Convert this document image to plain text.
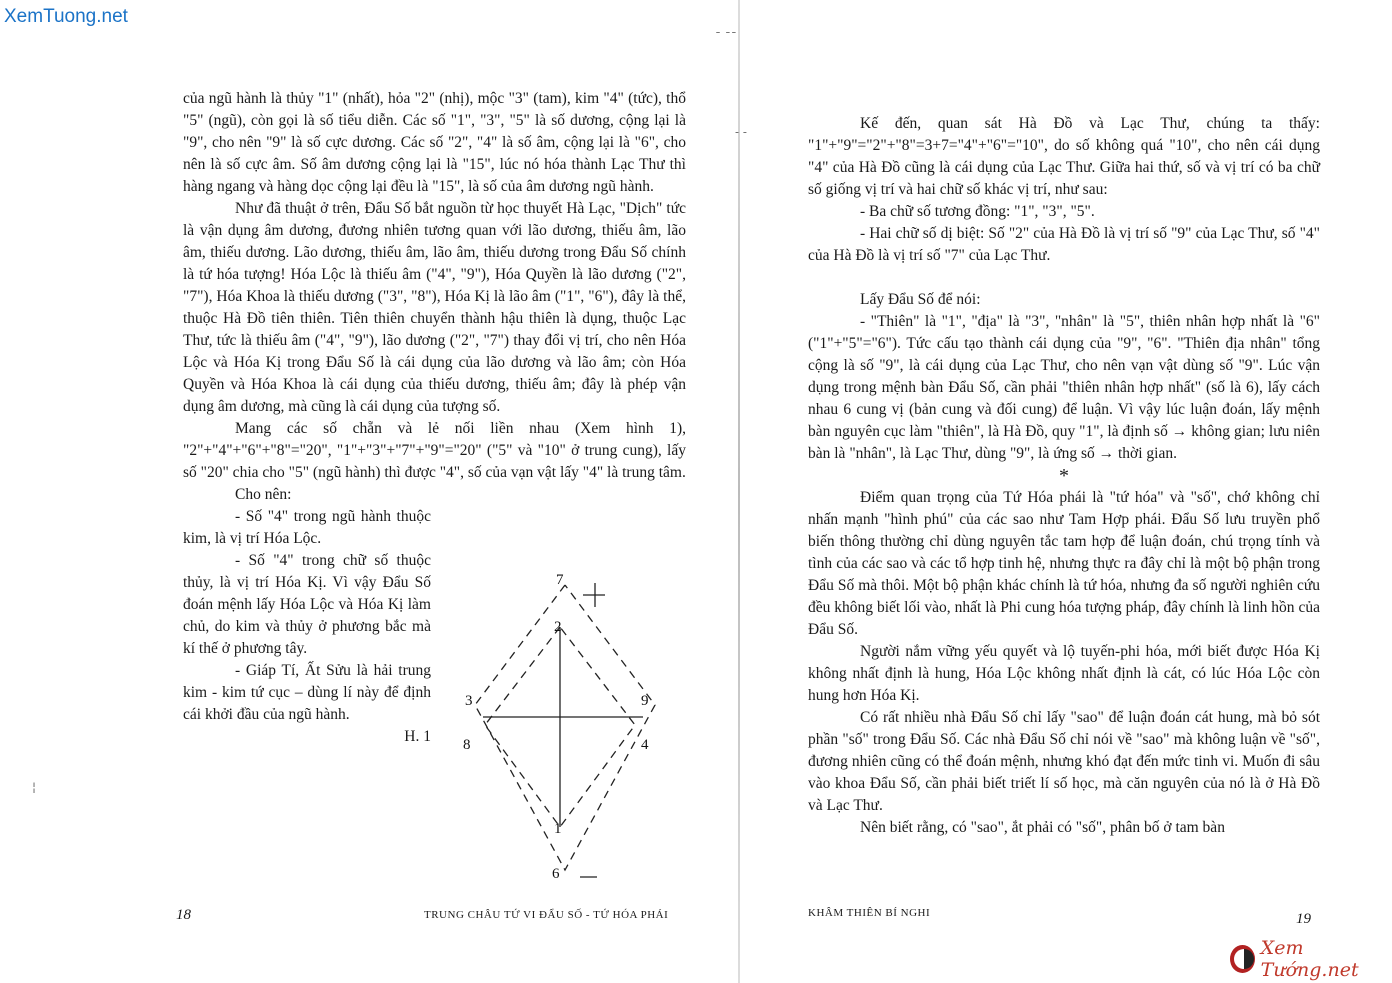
XemTuong.net
ˉ ˉˉ
- -
¦

của ngũ hành là thủy "1" (nhất), hỏa "2" (nhị), mộc "3" (tam), kim "4" (tức), thổ "5" (ngũ), còn gọi là số tiểu diễn. Các số "1", "3", "5" là số dương, cộng lại là "9", cho nên "9" là số cực dương. Các số "2", "4" là số âm, cộng lại là "6", cho nên là số cực âm. Số âm dương cộng lại là "15", lúc nó hóa thành Lạc Thư thì hàng ngang và hàng dọc cộng lại đều là "15", là số của âm dương ngũ hành.

Như đã thuật ở trên, Đẩu Số bắt nguồn từ học thuyết Hà Lạc, "Dịch" tức là vận dụng âm dương, đương nhiên tương quan với lão dương, thiếu âm, lão âm, thiếu dương. Lão dương, thiếu âm, lão âm, thiếu dương trong Đẩu Số chính là tứ hóa tượng! Hóa Lộc là thiếu âm ("4", "9"), Hóa Quyền là lão dương ("2", "7"), Hóa Khoa là thiếu dương ("3", "8"), Hóa Kị là lão âm ("1", "6"), đây là thể, thuộc Hà Đồ tiên thiên. Tiên thiên chuyển thành hậu thiên là dụng, thuộc Lạc Thư, tức là thiếu âm ("4", "9"), lão dương ("2", "7") thay đổi vị trí, cho nên Hóa Lộc và Hóa Kị trong Đẩu Số là cái dụng của lão dương và lão âm; còn Hóa Quyền và Hóa Khoa là cái dụng của thiếu dương, thiếu âm; đây là phép vận dụng âm dương, mà cũng là cái dụng của tượng số.

Mang các số chẵn và lẻ nối liền nhau (Xem hình 1), "2"+"4"+"6"+"8"="20", "1"+"3"+"7"+"9"="20" ("5" và "10" ở trung cung), lấy số "20" chia cho "5" (ngũ hành) thì được "4", số của vạn vật lấy "4" là trung tâm.

Cho nên:

- Số "4" trong ngũ hành thuộc kim, là vị trí Hóa Lộc.

- Số "4" trong chữ số thuộc thủy, là vị trí Hóa Kị. Vì vậy Đẩu Số đoán mệnh lấy Hóa Lộc và Hóa Kị làm chủ, do kim và thủy ở phương bắc mà kí thế ở phương tây.

- Giáp Tí, Ất Sửu là hải trung kim - kim tứ cục – dùng lí này để định cái khởi đầu của ngũ hành.

H. 1

7
2
3
8
9
4
1
6
18	TRUNG CHÂU TỨ VI ĐẨU SỐ - TỨ HÓA PHÁI

Kế đến, quan sát Hà Đồ và Lạc Thư, chúng ta thấy: "1"+"9"="2"+"8"=3+7="4"+"6"="10", do số không quá "10", cho nên cái dụng "4" của Hà Đồ cũng là cái dụng của Lạc Thư. Giữa hai thứ, số và vị trí có ba chữ số giống vị trí và hai chữ số khác vị trí, như sau:

- Ba chữ số tương đồng: "1", "3", "5".

- Hai chữ số dị biệt: Số "2" của Hà Đồ là vị trí số "9" của Lạc Thư, số "4" của Hà Đồ là vị trí số "7" của Lạc Thư.

Lấy Đẩu Số để nói:

- "Thiên" là "1", "địa" là "3", "nhân" là "5", thiên nhân hợp nhất là "6" ("1"+"5"="6"). Tức cấu tạo thành cái dụng của "9", "6". "Thiên địa nhân" tổng cộng là số "9", là cái dụng của Lạc Thư, cho nên vạn vật dùng số "9". Lúc vận dụng trong mệnh bàn Đẩu Số, cần phải "thiên nhân hợp nhất" (số là 6), lấy cách nhau 6 cung vị (bản cung và đối cung) để luận. Vì vậy lúc luận đoán, lấy mệnh bàn nguyên cục làm "thiên", là Hà Đồ, quy "1", là định số → không gian; lưu niên bàn là "nhân", là Lạc Thư, dùng "9", là ứng số → thời gian.

*

Điểm quan trọng của Tứ Hóa phái là "tứ hóa" và "số", chớ không chỉ nhấn mạnh "hình phú" của các sao như Tam Hợp phái. Đẩu Số lưu truyền phổ biến thông thường chỉ dùng nguyên tắc tam hợp để luận đoán, chú trọng tính và tình của các sao và các tổ hợp tinh hệ, nhưng thực ra đây chỉ là một bộ phận trong Đẩu Số mà thôi. Một bộ phận khác chính là tứ hóa, nhưng đa số người nghiên cứu đều không biết lối vào, nhất là Phi cung hóa tượng pháp, đây chính là linh hồn của Đẩu Số.

Người nắm vững yếu quyết và lộ tuyến-phi hóa, mới biết được Hóa Kị không nhất định là hung, Hóa Lộc không nhất định là cát, có lúc Hóa Lộc còn hung hơn Hóa Kị.

Có rất nhiều nhà Đẩu Số chỉ lấy "sao" để luận đoán cát hung, mà bỏ sót phần "số" trong Đẩu Số. Các nhà Đẩu Số chỉ nói về "sao" mà không luận về "số", đương nhiên cũng có thể đoán mệnh, nhưng khó đạt đến mức tinh vi. Muốn đi sâu vào khoa Đẩu Số, cần phải biết triết lí số học, mà căn nguyên của nó là ở Hà Đồ và Lạc Thư.

Nên biết rằng, có "sao", ắt phải có "số", phân bố ở tam bàn

KHÂM THIÊN BÍ NGHI	19
Xem Tướng.net
